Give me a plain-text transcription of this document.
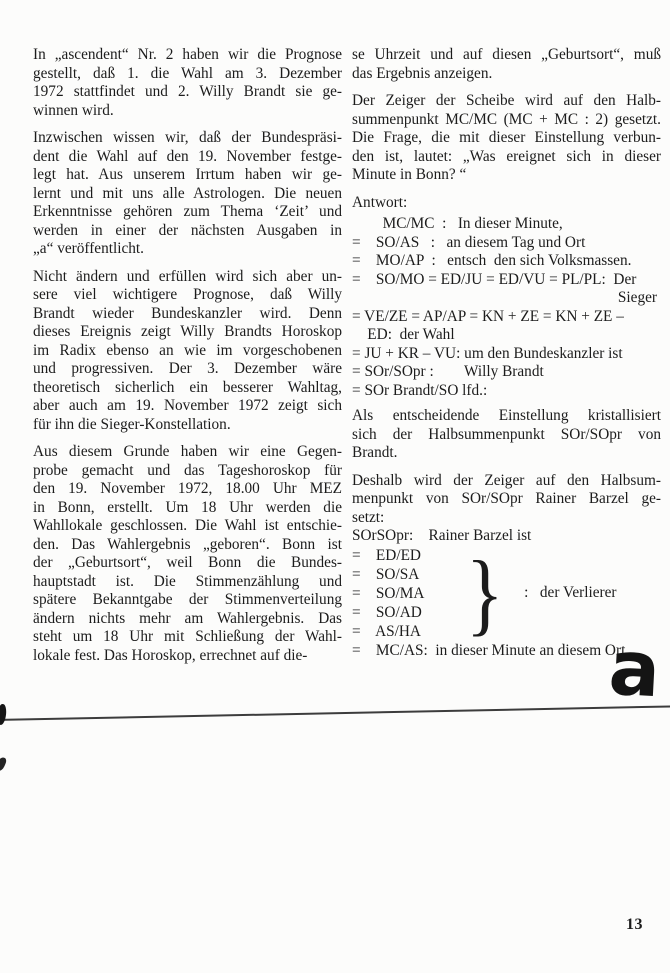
In „ascendent“ Nr. 2 haben wir die Prognose
gestellt, daß 1. die Wahl am 3. Dezember
1972 stattfindet und 2. Willy Brandt sie ge-
winnen wird.
Inzwischen wissen wir, daß der Bundespräsi-
dent die Wahl auf den 19. November festge-
legt hat. Aus unserem Irrtum haben wir ge-
lernt und mit uns alle Astrologen. Die neuen
Erkenntnisse gehören zum Thema ‘Zeit’ und
werden in einer der nächsten Ausgaben in
„a“ veröffentlicht.
Nicht ändern und erfüllen wird sich aber un-
sere viel wichtigere Prognose, daß Willy
Brandt wieder Bundeskanzler wird. Denn
dieses Ereignis zeigt Willy Brandts Horoskop
im Radix ebenso an wie im vorgeschobenen
und progressiven. Der 3. Dezember wäre
theoretisch sicherlich ein besserer Wahltag,
aber auch am 19. November 1972 zeigt sich
für ihn die Sieger-Konstellation.
Aus diesem Grunde haben wir eine Gegen-
probe gemacht und das Tageshoroskop für
den 19. November 1972, 18.00 Uhr MEZ
in Bonn, erstellt. Um 18 Uhr werden die
Wahllokale geschlossen. Die Wahl ist entschie-
den. Das Wahlergebnis „geboren“. Bonn ist
der „Geburtsort“, weil Bonn die Bundes-
hauptstadt ist. Die Stimmenzählung und
spätere Bekanntgabe der Stimmenverteilung
ändern nichts mehr am Wahlergebnis. Das
steht um 18 Uhr mit Schließung der Wahl-
lokale fest. Das Horoskop, errechnet auf die-
se Uhrzeit und auf diesen „Geburtsort“, muß
das Ergebnis anzeigen.
Der Zeiger der Scheibe wird auf den Halb-
summenpunkt MC/MC (MC + MC : 2) gesetzt.
Die Frage, die mit dieser Einstellung verbun-
den ist, lautet: „Was ereignet sich in dieser
Minute in Bonn? “
Antwort:
MC/MC  :   In dieser Minute,
=    SO/AS   :   an diesem Tag und Ort
=    MO/AP  :   entsch  den sich Volksmassen.
=    SO/MO = ED/JU = ED/VU = PL/PL:  Der
Sieger
= VE/ZE = AP/AP = KN + ZE = KN + ZE –
ED:  der Wahl
= JU + KR – VU: um den Bundeskanzler ist
= SOr/SOpr :        Willy Brandt
= SOr Brandt/SO lfd.:
Als entscheidende Einstellung kristallisiert
sich der Halbsummenpunkt SOr/SOpr von
Brandt.
Deshalb wird der Zeiger auf den Halbsum-
menpunkt von SOr/SOpr Rainer Barzel ge-
setzt:
SOrSOpr:    Rainer Barzel ist
=    ED/ED
=    SO/SA
=    SO/MA
=    SO/AD
=    AS/HA } :   der Verlierer
=    MC/AS:  in dieser Minute an diesem Ort.
a
13
